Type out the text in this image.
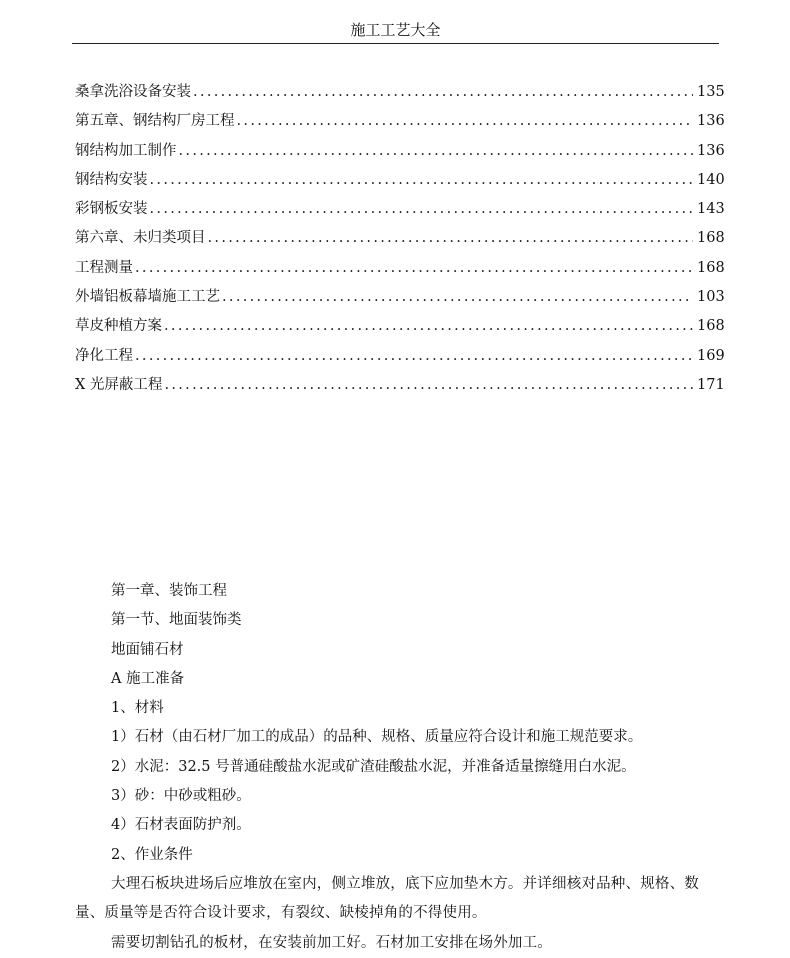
施工工艺大全
桑拿洗浴设备安装 .....	135
第五章、钢结构厂房工程 .....	136
钢结构加工制作 .....	136
钢结构安装 .....	140
彩钢板安装 .....	143
第六章、未归类项目 .....	168
工程测量 .....	168
外墙铝板幕墙施工工艺 .....	103
草皮种植方案 .....	168
净化工程 .....	169
X 光屏蔽工程 .....	171

第一章、装饰工程

第一节、地面装饰类

地面铺石材

A 施工准备

1、材料

1）石材（由石材厂加工的成品）的品种、规格、质量应符合设计和施工规范要求。

2）水泥：32.5 号普通硅酸盐水泥或矿渣硅酸盐水泥，并准备适量擦缝用白水泥。

3）砂：中砂或粗砂。

4）石材表面防护剂。

2、作业条件

大理石板块进场后应堆放在室内，侧立堆放，底下应加垫木方。并详细核对品种、规格、数量、质量等是否符合设计要求，有裂纹、缺棱掉角的不得使用。

需要切割钻孔的板材，在安装前加工好。石材加工安排在场外加工。
